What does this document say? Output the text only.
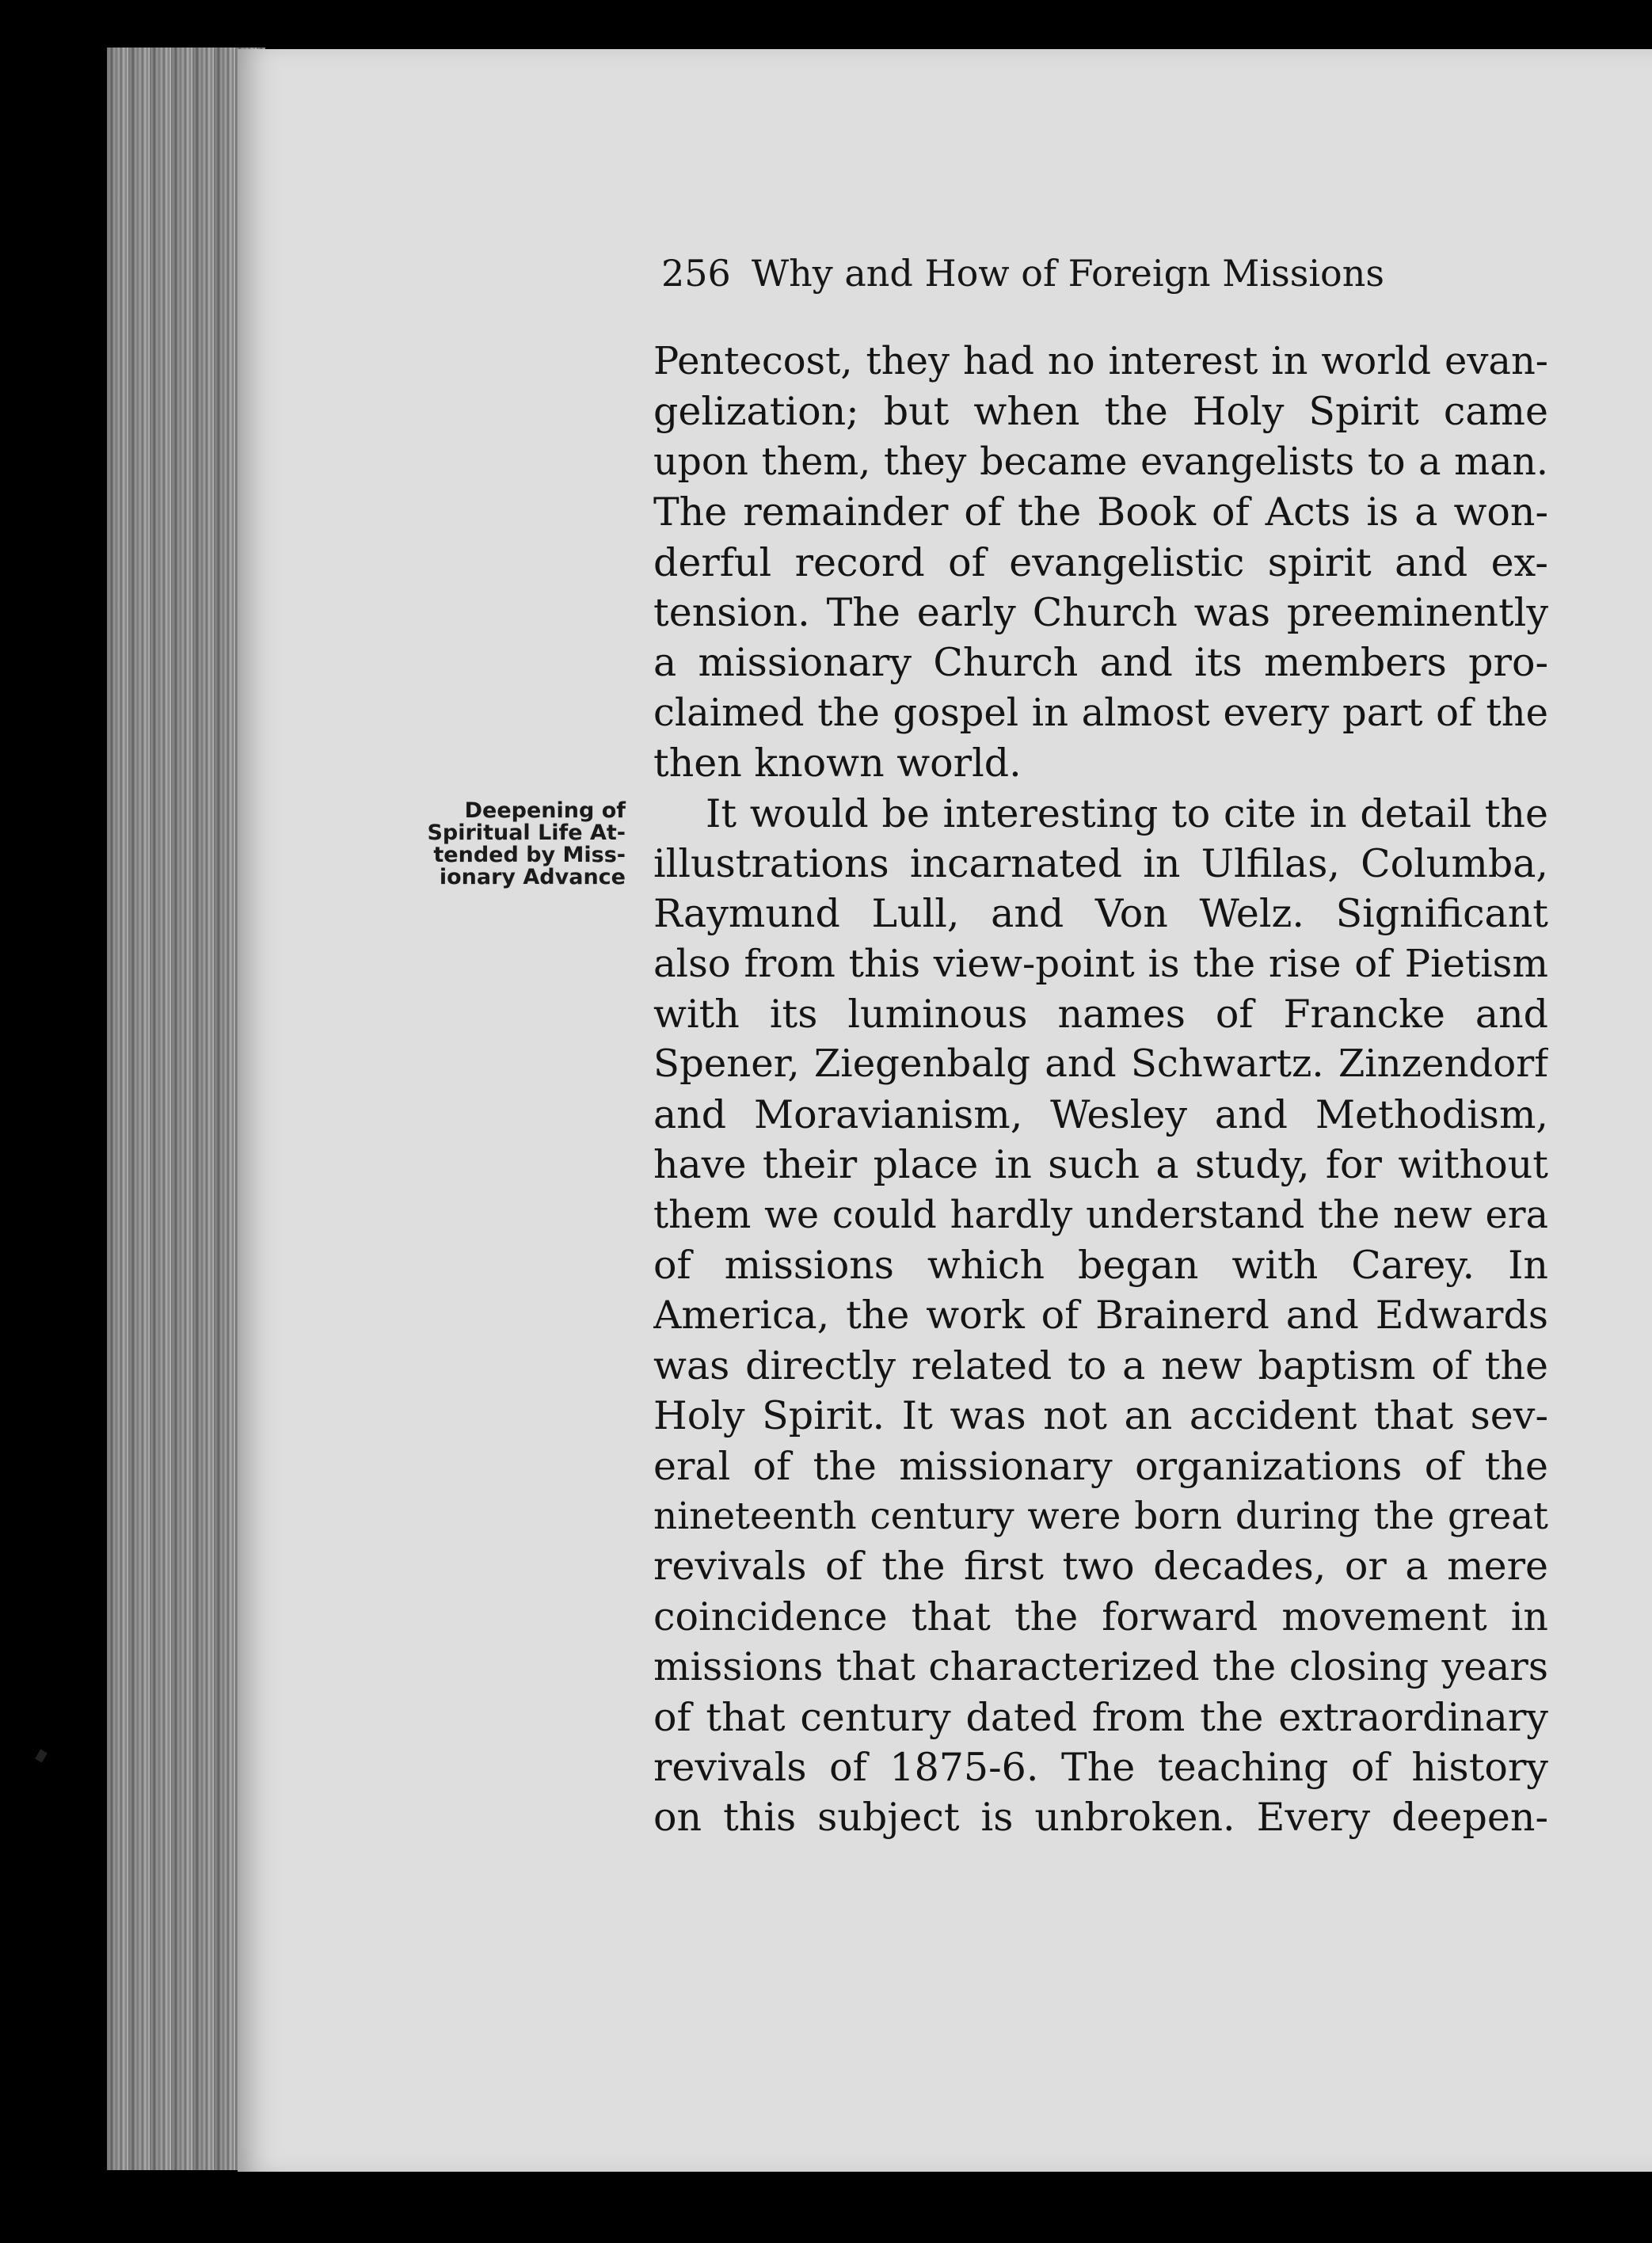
256 Why and How of Foreign Missions
Deepening of
Spiritual Life At-
tended by Miss-
ionary Advance
Pentecost, they had no interest in world evan-
gelization; but when the Holy Spirit came
upon them, they became evangelists to a man.
The remainder of the Book of Acts is a won-
derful record of evangelistic spirit and ex-
tension. The early Church was preeminently
a missionary Church and its members pro-
claimed the gospel in almost every part of the
then known world.
It would be interesting to cite in detail the
illustrations incarnated in Ulfilas, Columba,
Raymund Lull, and Von Welz. Significant
also from this view-point is the rise of Pietism
with its luminous names of Francke and
Spener, Ziegenbalg and Schwartz. Zinzendorf
and Moravianism, Wesley and Methodism,
have their place in such a study, for without
them we could hardly understand the new era
of missions which began with Carey. In
America, the work of Brainerd and Edwards
was directly related to a new baptism of the
Holy Spirit. It was not an accident that sev-
eral of the missionary organizations of the
nineteenth century were born during the great
revivals of the first two decades, or a mere
coincidence that the forward movement in
missions that characterized the closing years
of that century dated from the extraordinary
revivals of 1875-6. The teaching of history
on this subject is unbroken. Every deepen-
